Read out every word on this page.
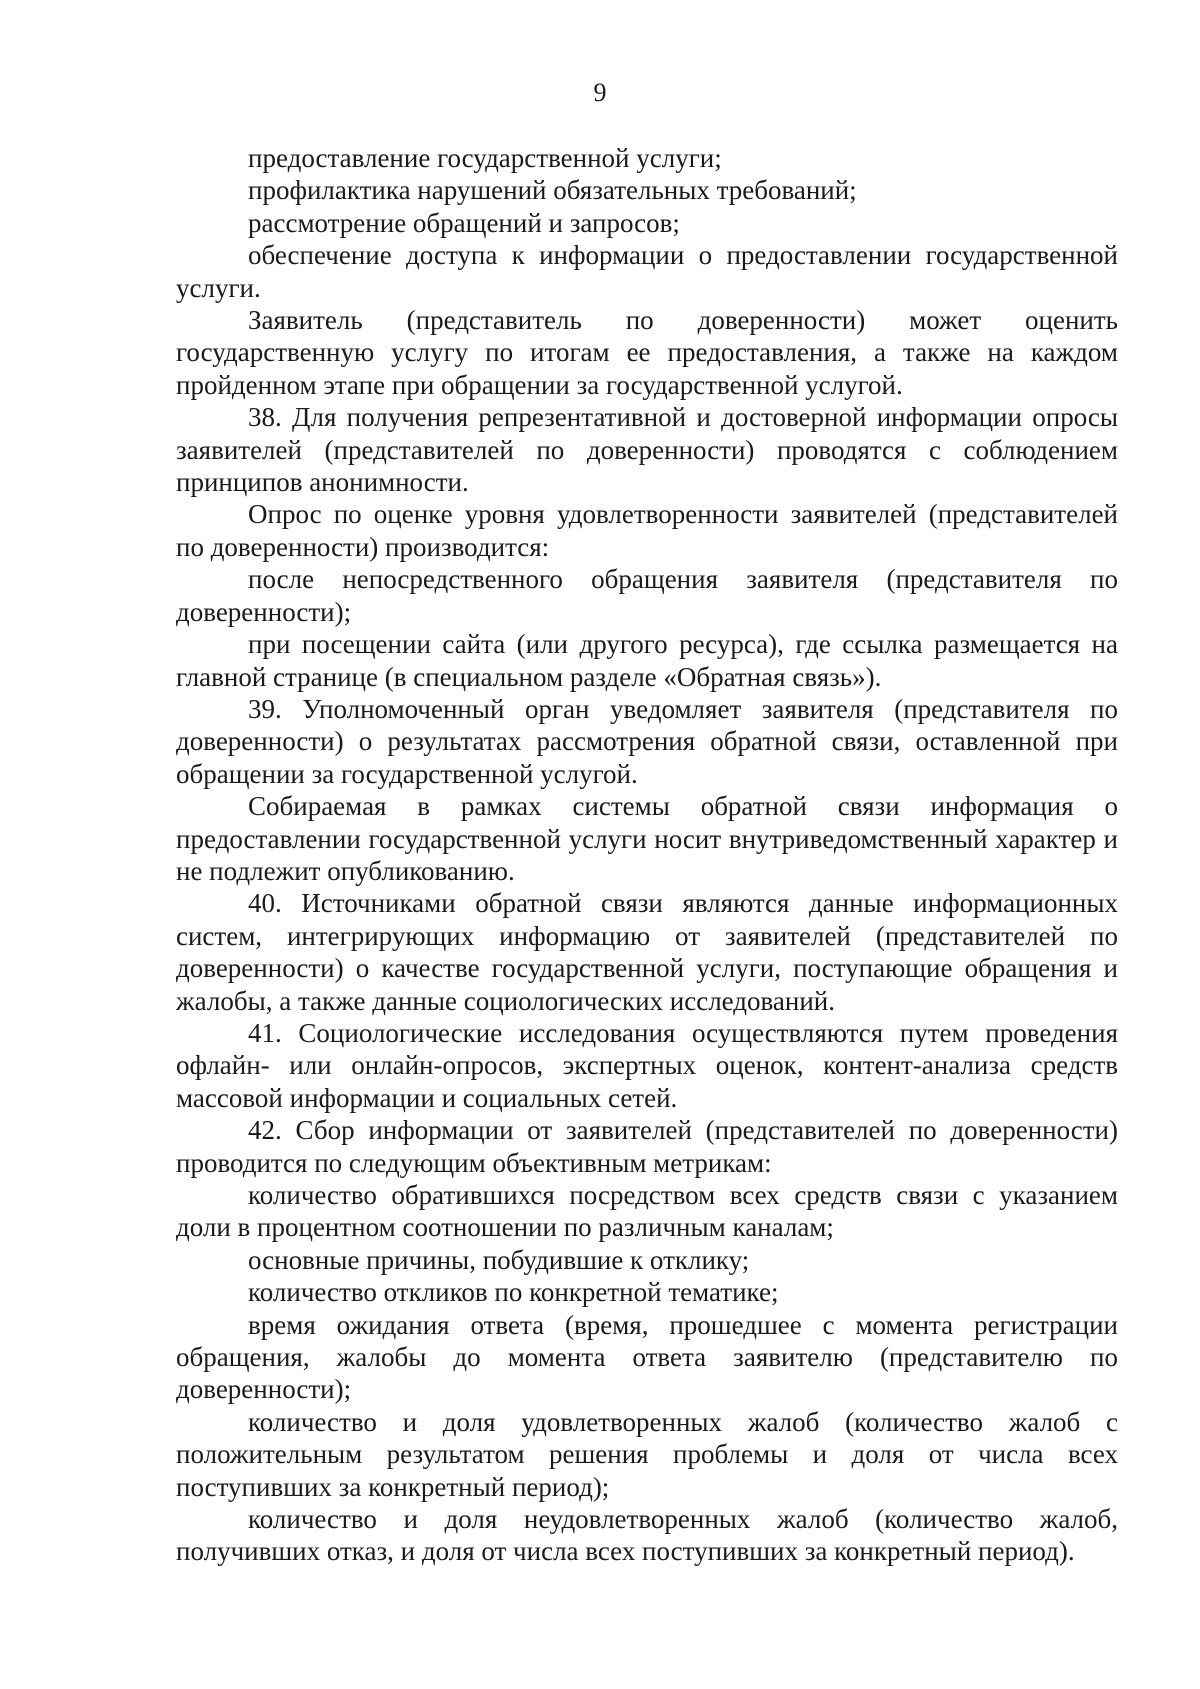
9

предоставление государственной услуги;

профилактика нарушений обязательных требований;

рассмотрение обращений и запросов;

обеспечение доступа к информации о предоставлении государственной услуги.

Заявитель (представитель по доверенности) может оценить государственную услугу по итогам ее предоставления, а также на каждом пройденном этапе при обращении за государственной услугой.

38. Для получения репрезентативной и достоверной информации опросы заявителей (представителей по доверенности) проводятся с соблюдением принципов анонимности.

Опрос по оценке уровня удовлетворенности заявителей (представителей по доверенности) производится:

после непосредственного обращения заявителя (представителя по доверенности);

при посещении сайта (или другого ресурса), где ссылка размещается на главной странице (в специальном разделе «Обратная связь»).

39. Уполномоченный орган уведомляет заявителя (представителя по доверенности) о результатах рассмотрения обратной связи, оставленной при обращении за государственной услугой.

Собираемая в рамках системы обратной связи информация о предоставлении государственной услуги носит внутриведомственный характер и не подлежит опубликованию.

40. Источниками обратной связи являются данные информационных систем, интегрирующих информацию от заявителей (представителей по доверенности) о качестве государственной услуги, поступающие обращения и жалобы, а также данные социологических исследований.

41. Социологические исследования осуществляются путем проведения офлайн- или онлайн-опросов, экспертных оценок, контент-анализа средств массовой информации и социальных сетей.

42. Сбор информации от заявителей (представителей по доверенности) проводится по следующим объективным метрикам:

количество обратившихся посредством всех средств связи с указанием доли в процентном соотношении по различным каналам;

основные причины, побудившие к отклику;

количество откликов по конкретной тематике;

время ожидания ответа (время, прошедшее с момента регистрации обращения, жалобы до момента ответа заявителю (представителю по доверенности);

количество и доля удовлетворенных жалоб (количество жалоб с положительным результатом решения проблемы и доля от числа всех поступивших за конкретный период);

количество и доля неудовлетворенных жалоб (количество жалоб, получивших отказ, и доля от числа всех поступивших за конкретный период).
